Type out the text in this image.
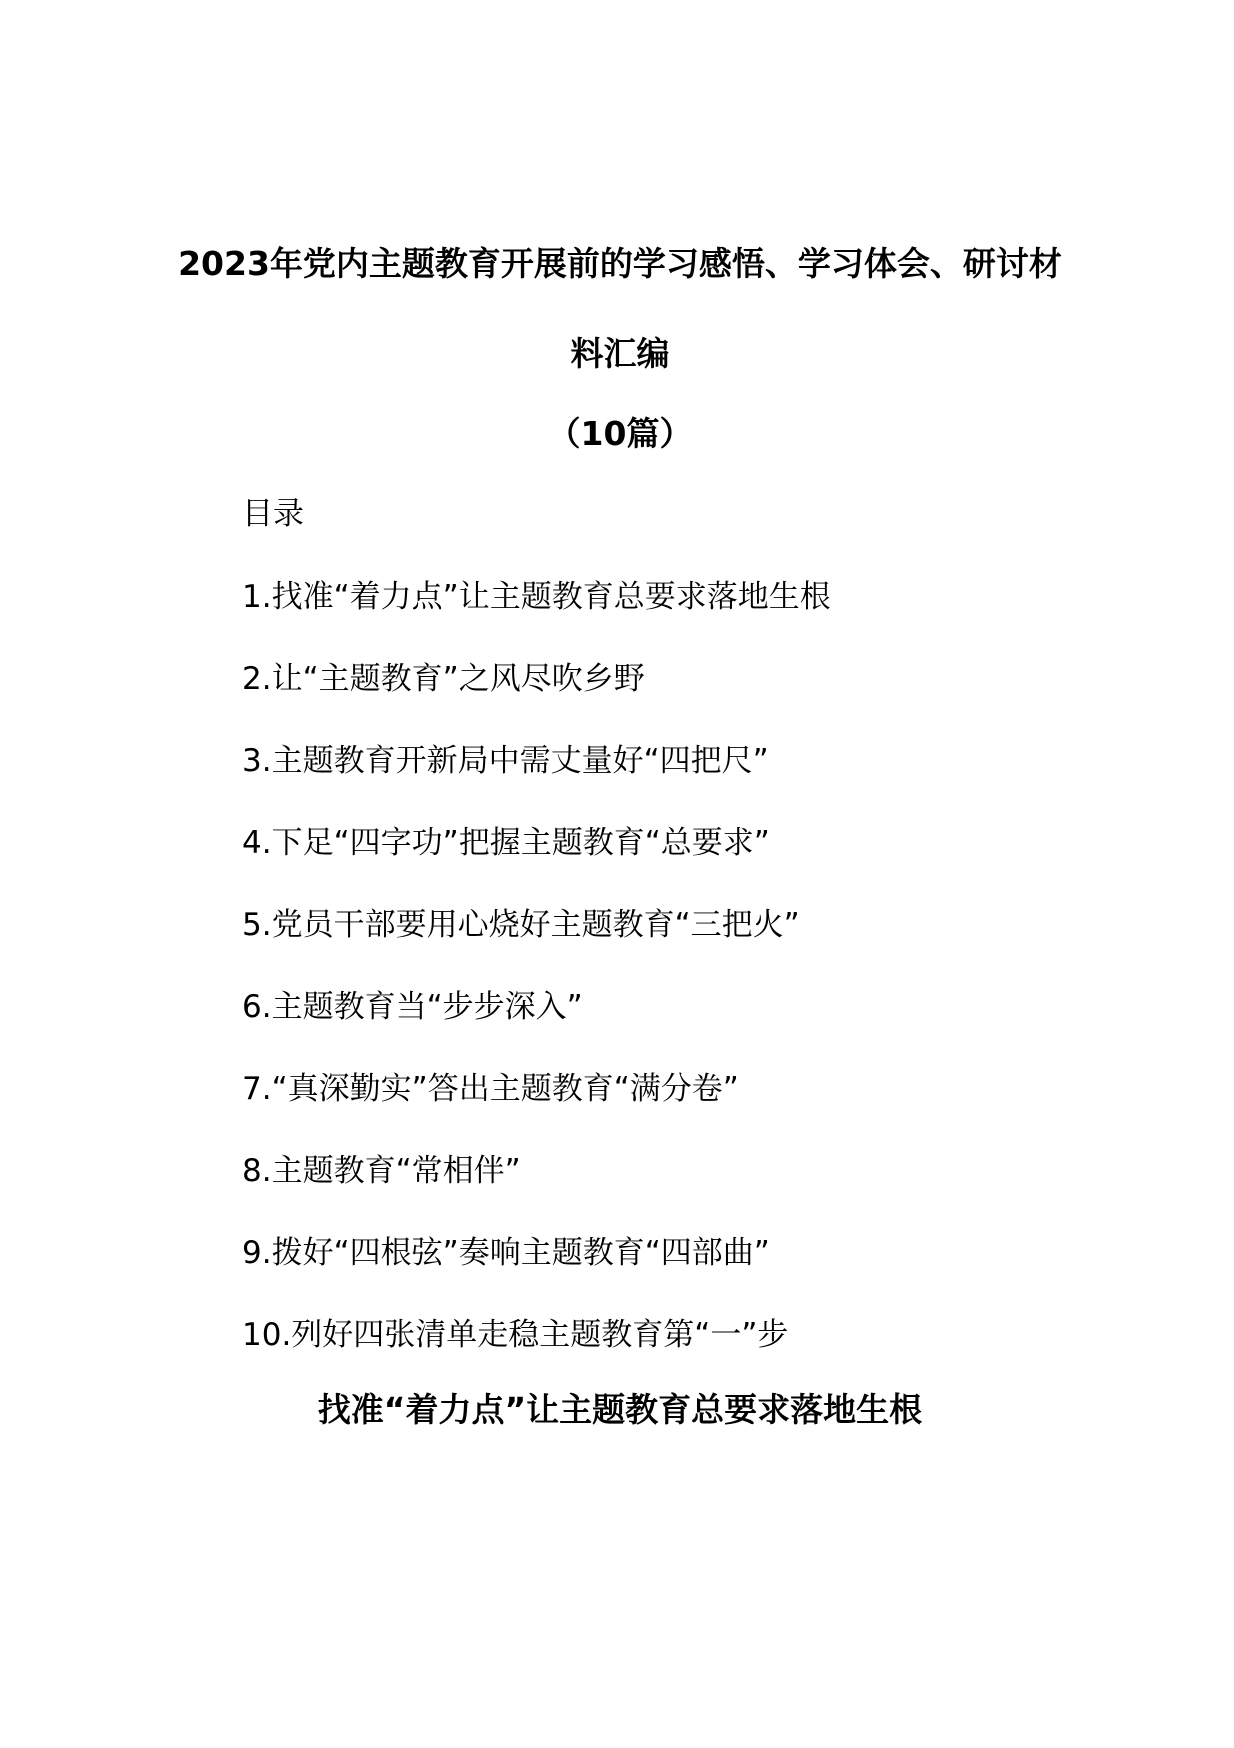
2023年党内主题教育开展前的学习感悟、学习体会、研讨材
料汇编
（10篇）
目录
1.找准“着力点”让主题教育总要求落地生根
2.让“主题教育”之风尽吹乡野
3.主题教育开新局中需丈量好“四把尺”
4.下足“四字功”把握主题教育“总要求”
5.党员干部要用心烧好主题教育“三把火”
6.主题教育当“步步深入”
7.“真深勤实”答出主题教育“满分卷”
8.主题教育“常相伴”
9.拨好“四根弦”奏响主题教育“四部曲”
10.列好四张清单走稳主题教育第“一”步
找准“着力点”让主题教育总要求落地生根
